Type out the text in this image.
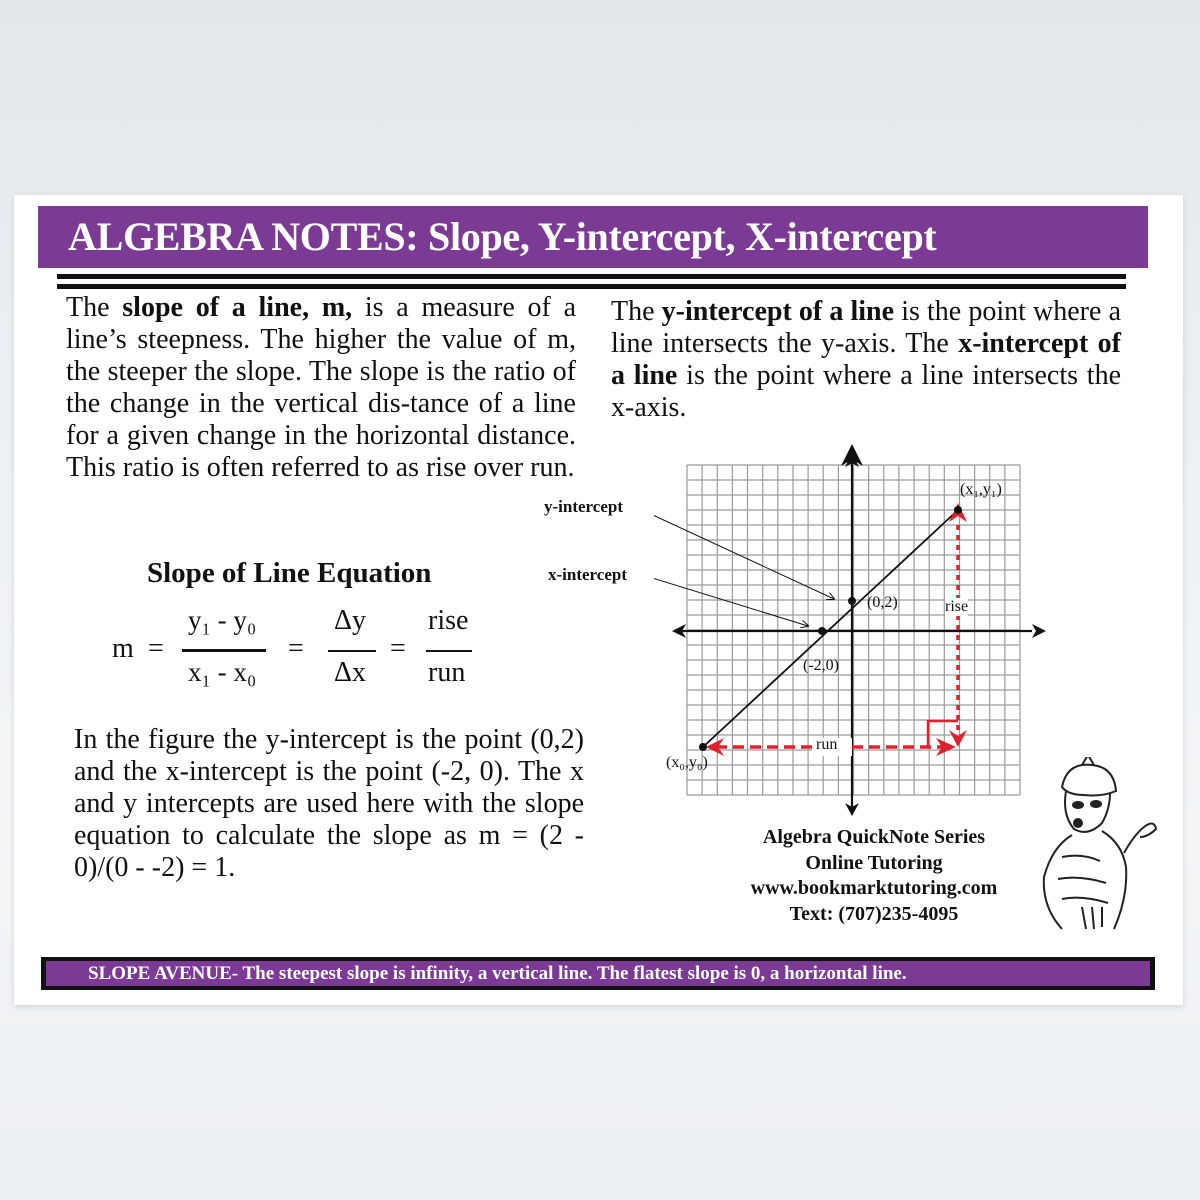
ALGEBRA NOTES: Slope, Y-intercept, X-intercept
The slope of a line, m, is a measure of a line’s steepness. The higher the value of m, the steeper the slope. The slope is the ratio of the change in the vertical dis-tance of a line for a given change in the horizontal distance. This ratio is often referred to as rise over run.
The y-intercept of a line is the point where a line intersects the y-axis. The x-intercept of a line is the point where a line intersects the x-axis.
Slope of Line Equation
m =
y₁ - y₀
x₁ - x₀
=
Δy
Δx
=
rise
run
In the figure the y-intercept is the point (0,2) and the x-intercept is the point (-2, 0). The x and y intercepts are used here with the slope equation to calculate the slope as m = (2 - 0)/(0 - -2) = 1.
y-intercept
x-intercept
(0,2)
(-2,0)
(x₀,y₀)
(x₁,y₁)
rise
run
Algebra QuickNote Series
Online Tutoring
www.bookmarktutoring.com
Text: (707)235-4095
SLOPE AVENUE- The steepest slope is infinity, a vertical line. The flatest slope is 0, a horizontal line.
